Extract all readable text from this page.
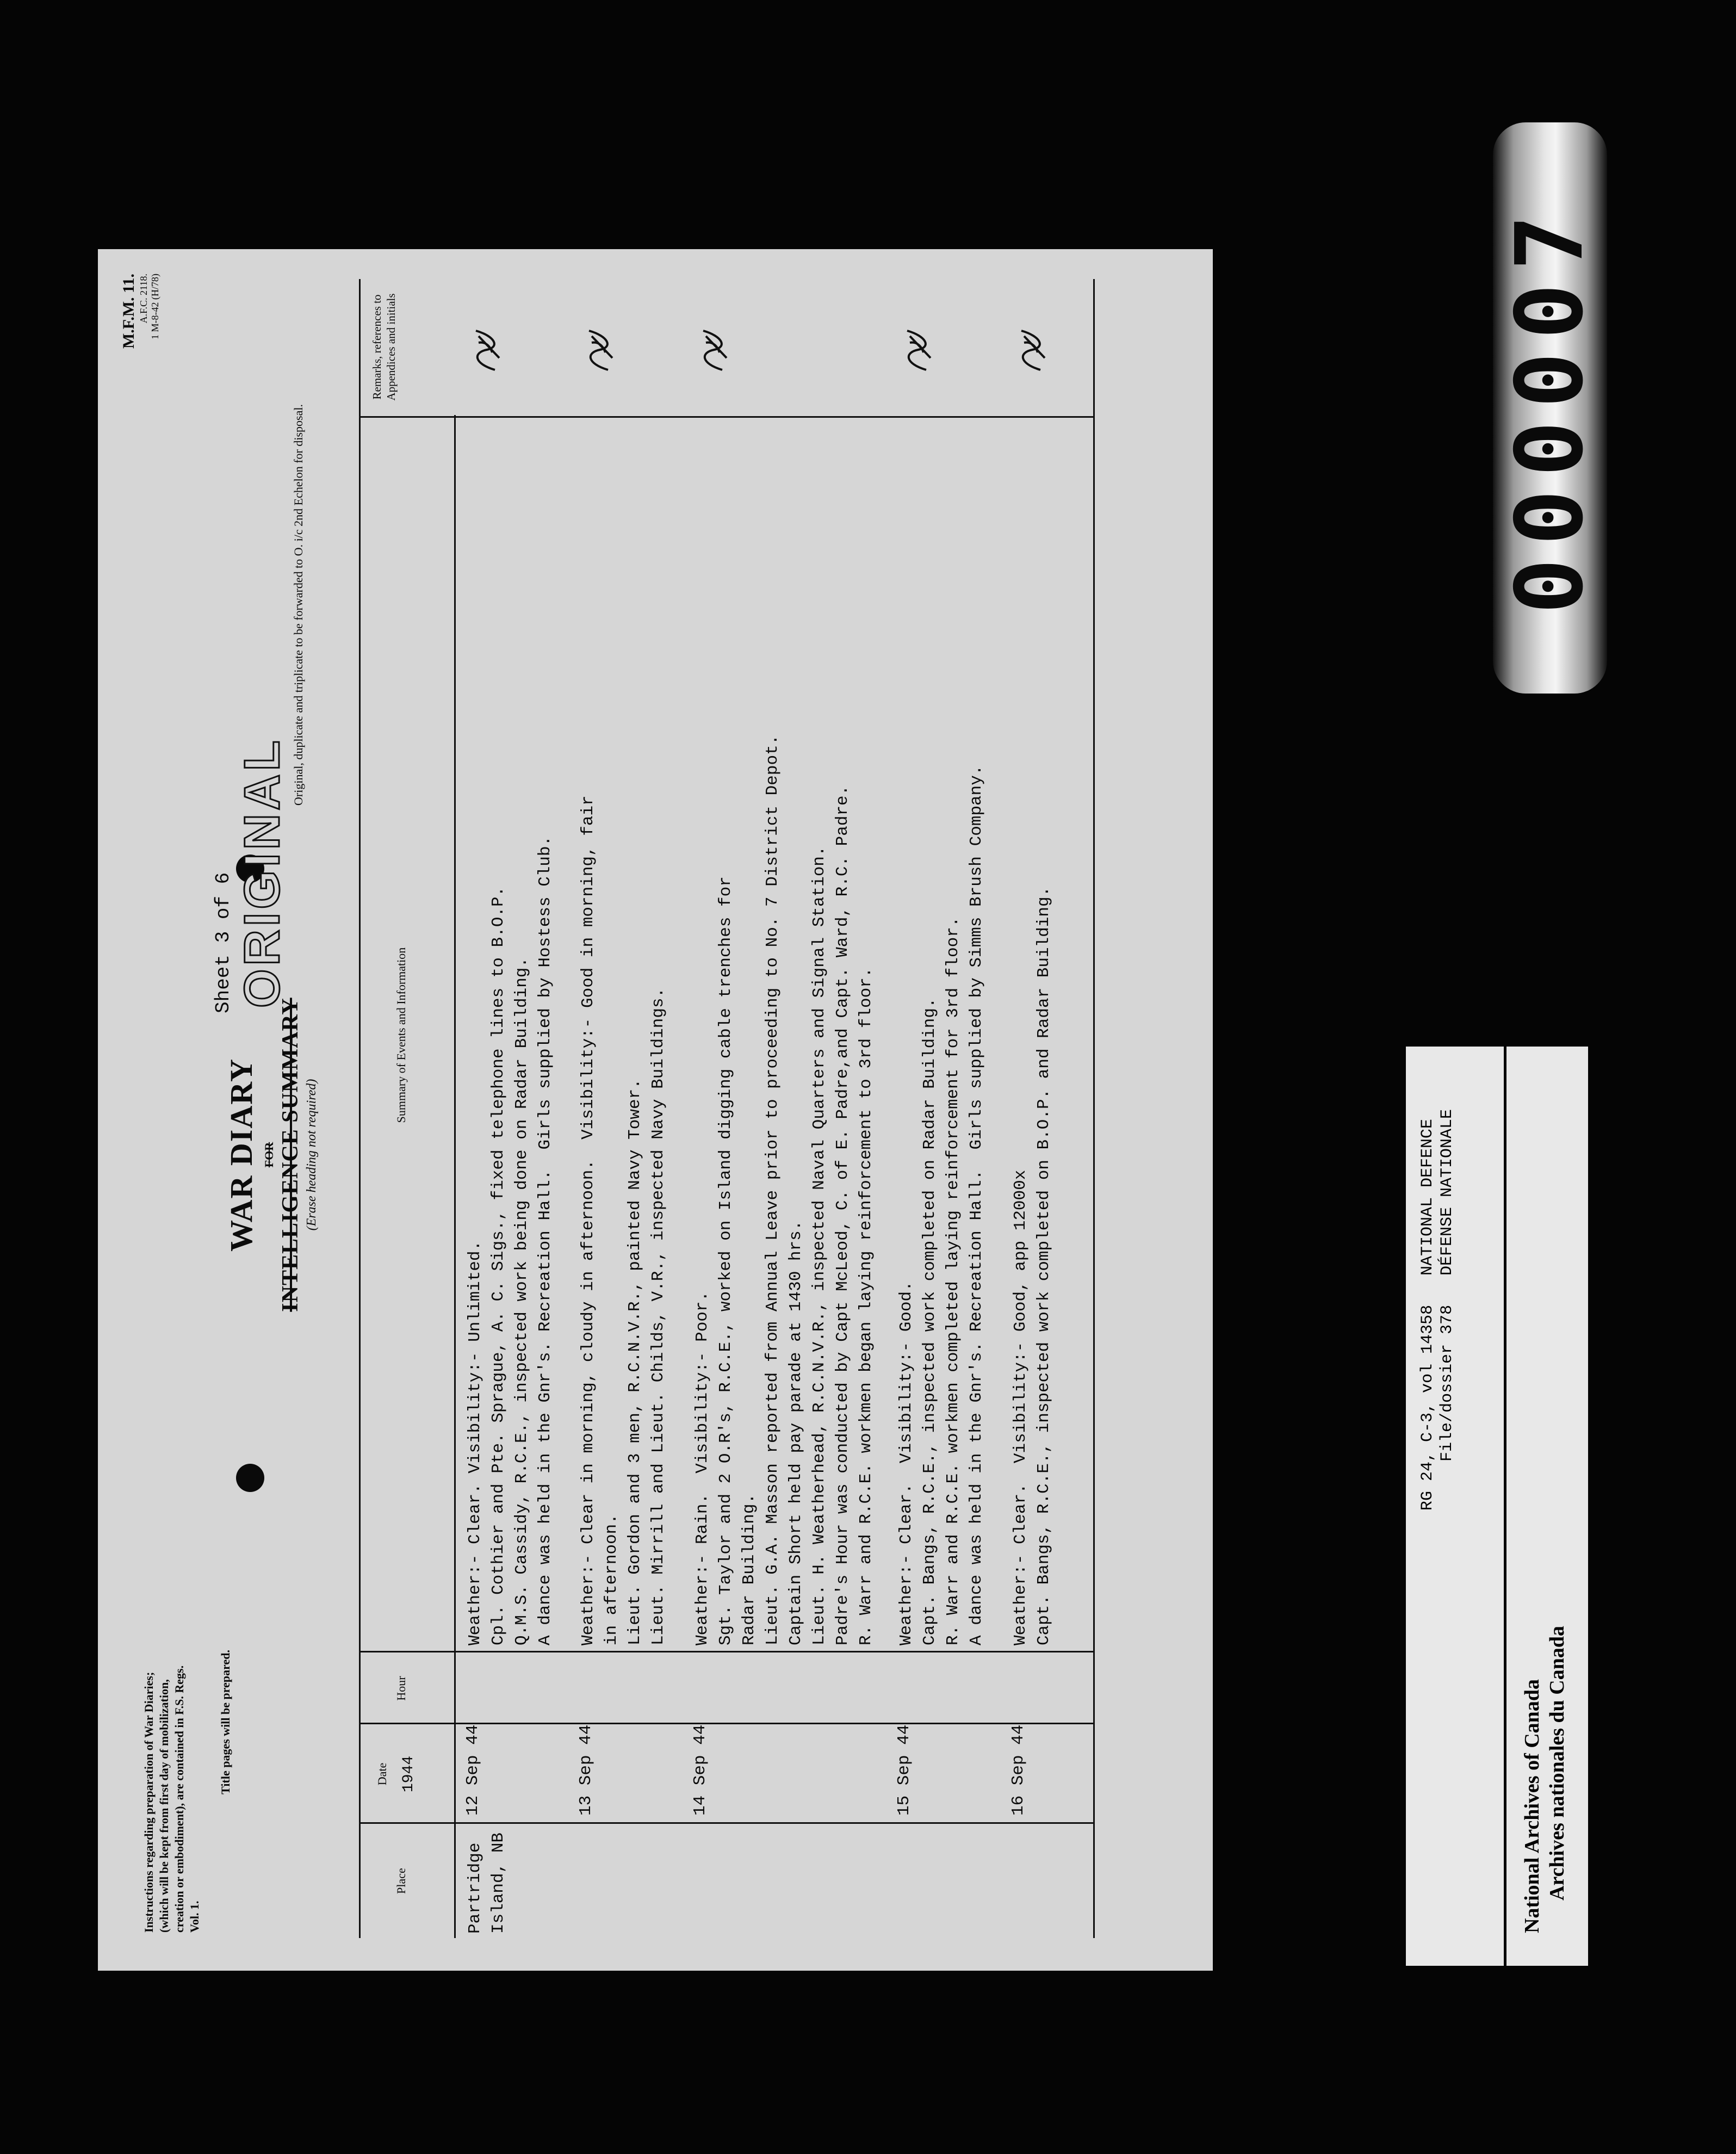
Instructions regarding preparation of War Diaries; (which will be kept from first day of mobilization, creation or embodiment), are contained in F.S. Regs. Vol. 1.
Title pages will be prepared.
WAR DIARY FOR INTELLIGENCE SUMMARY (Erase heading not required)
Sheet 3 of 6 ORIGINAL
Original, duplicate and triplicate to be forwarded to O. i/c 2nd Echelon for disposal.
M.F.M. 11. A.F.C. 2118. 1 M-8-42 (H/78)
Place
Date 1944
Hour
Summary of Events and Information
Remarks, references to Appendices and initials
Partridge
Island, NB
12 Sep 44
Weather:- Clear. Visibility:- Unlimited. Cpl. Cothier and Pte. Sprague, A. C. Sigs., fixed telephone lines to B.O.P. Q.M.S. Cassidy, R.C.E., inspected work being done on Radar Building. A dance was held in the Gnr's. Recreation Hall.  Girls supplied by Hostess Club.
13 Sep 44
Weather:- Clear in morning, cloudy in afternoon.  Visibility:- Good in morning, fair in afternoon. Lieut. Gordon and 3 men, R.C.N.V.R., painted Navy Tower. Lieut. Mirrill and Lieut. Childs, V.R., inspected Navy Buildings.
14 Sep 44
Weather:- Rain.  Visibility:- Poor. Sgt. Taylor and 2 O.R's, R.C.E., worked on Island digging cable trenches for Radar Building. Lieut. G.A. Masson reported from Annual Leave prior to proceeding to No. 7 District Depot. Captain Short held pay parade at 1430 hrs. Lieut. H. Weatherhead, R.C.N.V.R., inspected Naval Quarters and Signal Station. Padre's Hour was conducted by Capt McLeod, C. of E. Padre,and Capt. Ward, R.C. Padre. R. Warr and R.C.E. workmen began laying reinforcement to 3rd floor.
15 Sep 44
Weather:- Clear.  Visibility:- Good. Capt. Bangs, R.C.E., inspected work completed on Radar Building. R. Warr and R.C.E. workmen completed laying reinforcement for 3rd floor. A dance was held in the Gnr's. Recreation Hall.  Girls supplied by Simms Brush Company.
16 Sep 44
Weather:- Clear.  Visibility:- Good, app 12000x Capt. Bangs, R.C.E., inspected work completed on B.O.P. and Radar Building.	NATIONAL DEFENCE DÉFENSE NATIONALE
RG 24, C-3, vol 14358 File/dossier 378
National Archives of Canada Archives nationales du Canada
000007
